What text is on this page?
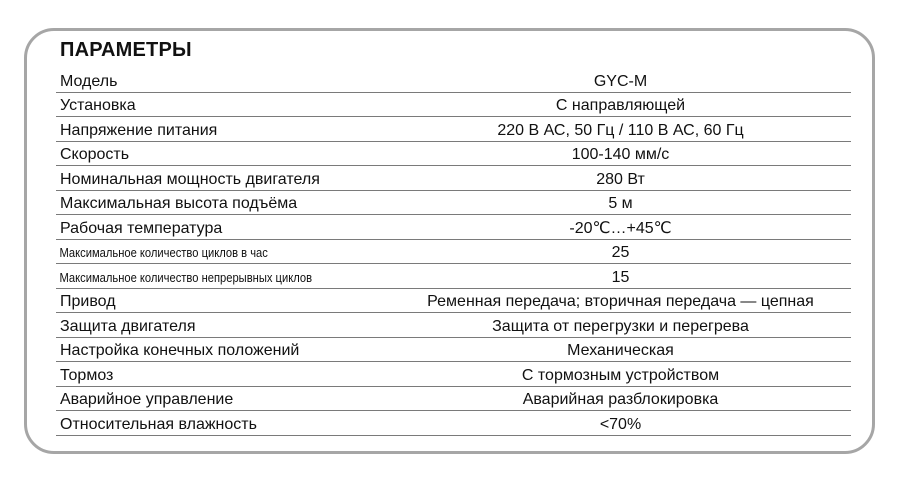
ПАРАМЕТРЫ
Модель	GYC-M
Установка	С направляющей
Напряжение питания	220 В АС, 50 Гц / 110 В АС, 60 Гц
Скорость	100-140 мм/с
Номинальная мощность двигателя	280 Вт
Максимальная высота подъёма	5 м
Рабочая температура	-20℃…+45℃
Максимальное количество циклов в час	25
Максимальное количество непрерывных циклов	15
Привод	Ременная передача; вторичная передача — цепная
Защита двигателя	Защита от перегрузки и перегрева
Настройка конечных положений	Механическая
Тормоз	С тормозным устройством
Аварийное управление	Аварийная разблокировка
Относительная влажность	<70%
